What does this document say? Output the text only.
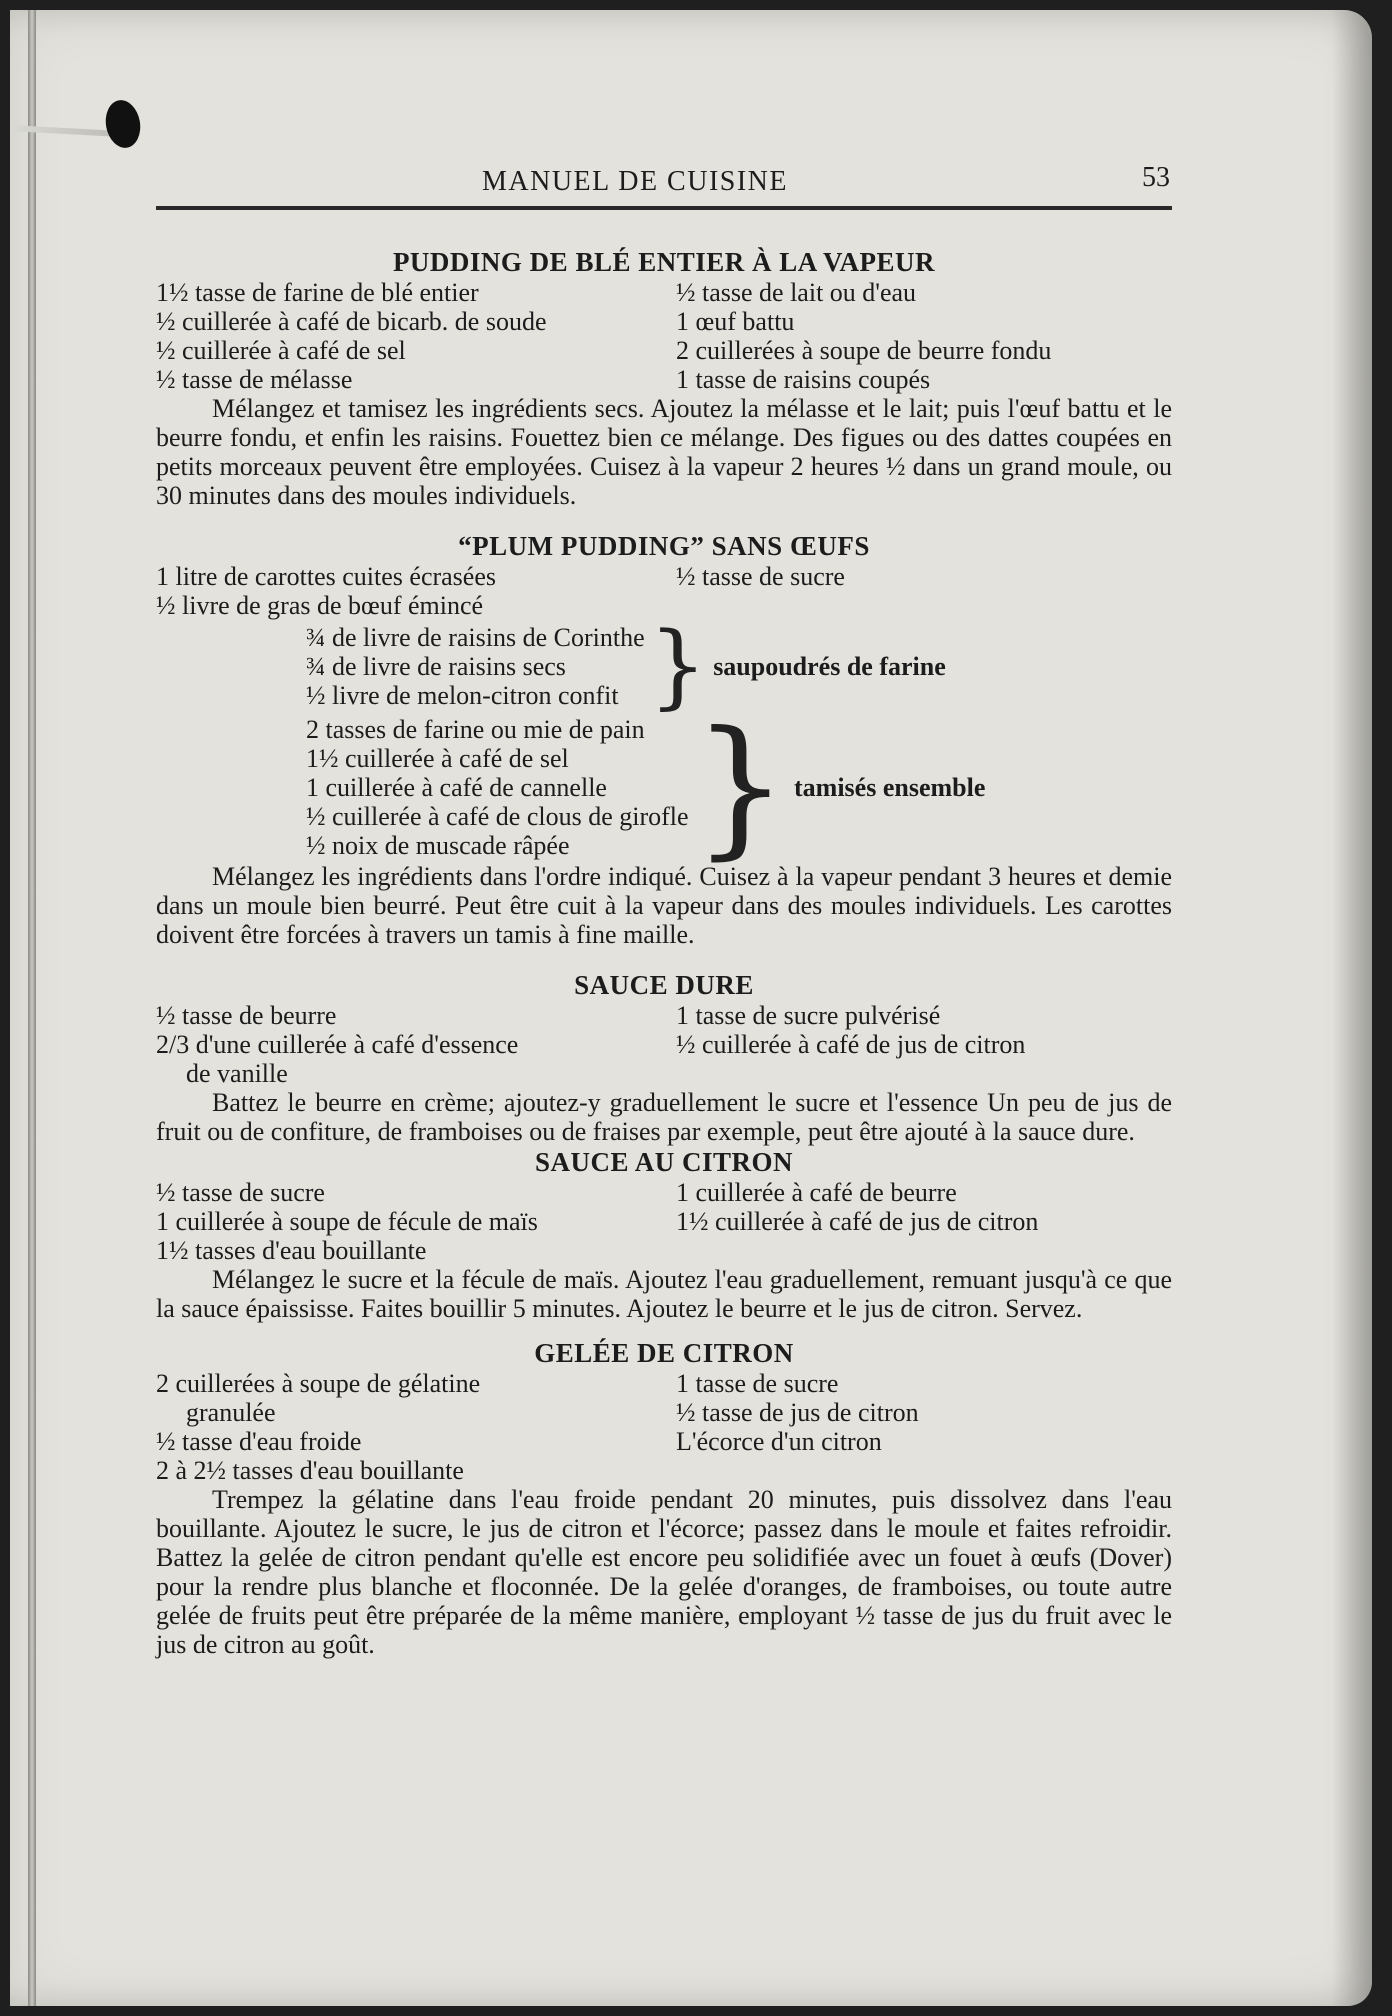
MANUEL DE CUISINE	53
PUDDING DE BLÉ ENTIER À LA VAPEUR
1½ tasse de farine de blé entier	½ tasse de lait ou d'eau
½ cuillerée à café de bicarb. de soude	1 œuf battu
½ cuillerée à café de sel	2 cuillerées à soupe de beurre fondu
½ tasse de mélasse	1 tasse de raisins coupés

Mélangez et tamisez les ingrédients secs. Ajoutez la mélasse et le lait; puis l'œuf battu et le beurre fondu, et enfin les raisins. Fouettez bien ce mélange. Des figues ou des dattes coupées en petits morceaux peuvent être employées. Cuisez à la vapeur 2 heures ½ dans un grand moule, ou 30 minutes dans des moules individuels.

“PLUM PUDDING” SANS ŒUFS
1 litre de carottes cuites écrasées	½ tasse de sucre
½ livre de gras de bœuf émincé
¾ de livre de raisins de Corinthe
¾ de livre de raisins secs
½ livre de melon-citron confit } saupoudrés de farine
2 tasses de farine ou mie de pain
1½ cuillerée à café de sel
1 cuillerée à café de cannelle
½ cuillerée à café de clous de girofle
½ noix de muscade râpée } tamisés ensemble

Mélangez les ingrédients dans l'ordre indiqué. Cuisez à la vapeur pendant 3 heures et demie dans un moule bien beurré. Peut être cuit à la vapeur dans des moules individuels. Les carottes doivent être forcées à travers un tamis à fine maille.

SAUCE DURE
½ tasse de beurre	1 tasse de sucre pulvérisé
2/3 d'une cuillerée à café d'essence	½ cuillerée à café de jus de citron
de vanille

Battez le beurre en crème; ajoutez-y graduellement le sucre et l'essence Un peu de jus de fruit ou de confiture, de framboises ou de fraises par exemple, peut être ajouté à la sauce dure.

SAUCE AU CITRON
½ tasse de sucre	1 cuillerée à café de beurre
1 cuillerée à soupe de fécule de maïs	1½ cuillerée à café de jus de citron
1½ tasses d'eau bouillante

Mélangez le sucre et la fécule de maïs. Ajoutez l'eau graduellement, remuant jusqu'à ce que la sauce épaississe. Faites bouillir 5 minutes. Ajoutez le beurre et le jus de citron. Servez.

GELÉE DE CITRON
2 cuillerées à soupe de gélatine	1 tasse de sucre
granulée	½ tasse de jus de citron
½ tasse d'eau froide	L'écorce d'un citron
2 à 2½ tasses d'eau bouillante

Trempez la gélatine dans l'eau froide pendant 20 minutes, puis dissolvez dans l'eau bouillante. Ajoutez le sucre, le jus de citron et l'écorce; passez dans le moule et faites refroidir. Battez la gelée de citron pendant qu'elle est encore peu solidifiée avec un fouet à œufs (Dover) pour la rendre plus blanche et floconnée. De la gelée d'oranges, de framboises, ou toute autre gelée de fruits peut être préparée de la même manière, employant ½ tasse de jus du fruit avec le jus de citron au goût.
